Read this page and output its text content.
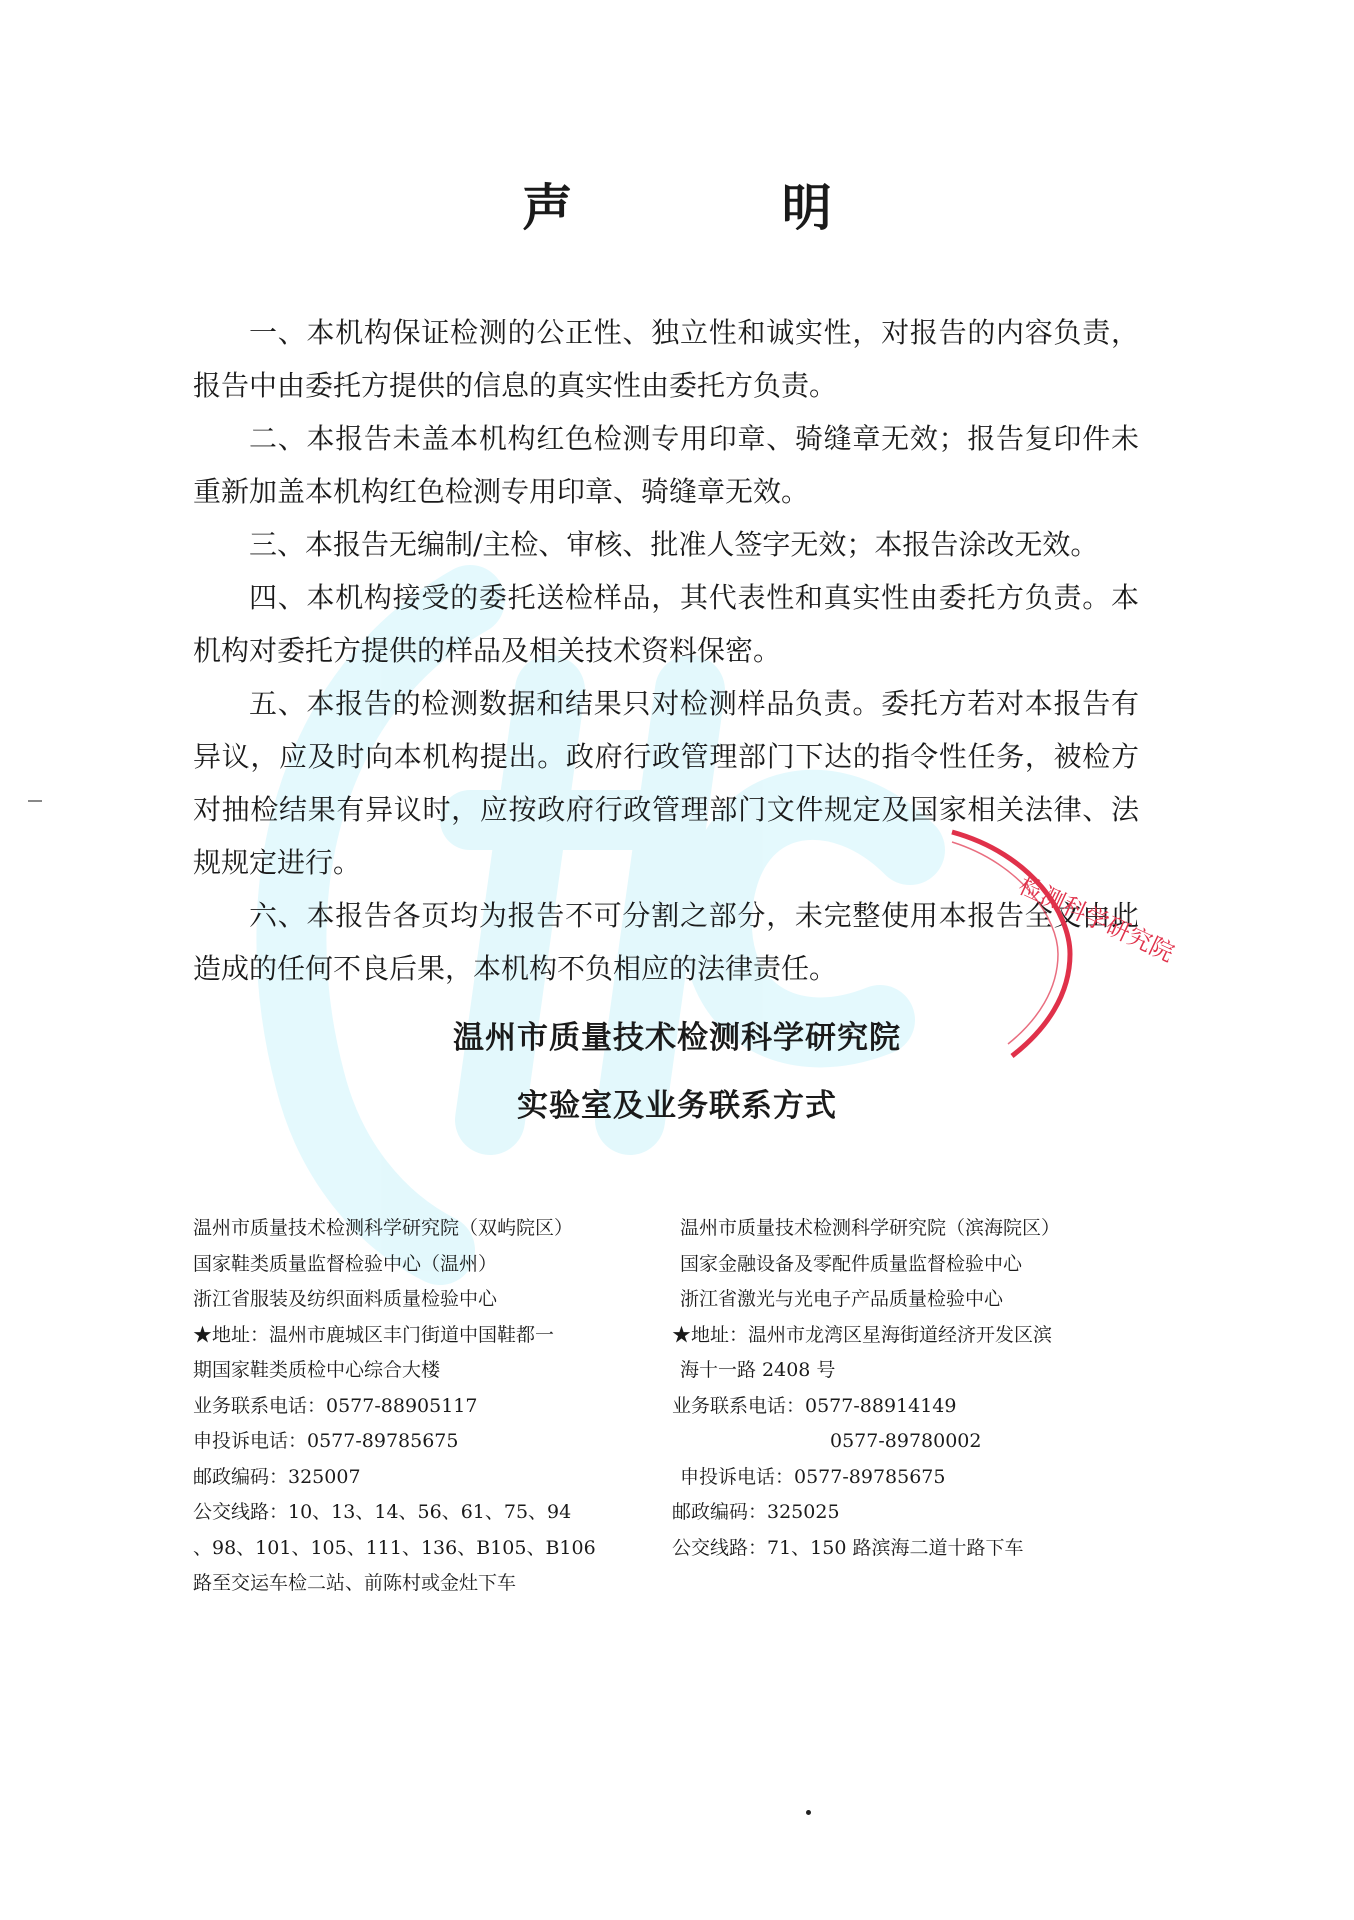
声 明

一、本机构保证检测的公正性、独立性和诚实性，对报告的内容负责，报告中由委托方提供的信息的真实性由委托方负责。

二、本报告未盖本机构红色检测专用印章、骑缝章无效；报告复印件未重新加盖本机构红色检测专用印章、骑缝章无效。

三、本报告无编制/主检、审核、批准人签字无效；本报告涂改无效。

四、本机构接受的委托送检样品，其代表性和真实性由委托方负责。本机构对委托方提供的样品及相关技术资料保密。

五、本报告的检测数据和结果只对检测样品负责。委托方若对本报告有异议，应及时向本机构提出。政府行政管理部门下达的指令性任务，被检方对抽检结果有异议时，应按政府行政管理部门文件规定及国家相关法律、法规规定进行。

六、本报告各页均为报告不可分割之部分，未完整使用本报告全文由此造成的任何不良后果，本机构不负相应的法律责任。

温州市质量技术检测科学研究院
实验室及业务联系方式
检测科学研究院
温州市质量技术检测科学研究院（双屿院区）
国家鞋类质量监督检验中心（温州）
浙江省服装及纺织面料质量检验中心
★地址：温州市鹿城区丰门街道中国鞋都一
期国家鞋类质检中心综合大楼
业务联系电话：0577-88905117
申投诉电话：0577-89785675
邮政编码：325007
公交线路：10、13、14、56、61、75、94
、98、101、105、111、136、B105、B106
路至交运车检二站、前陈村或金灶下车
温州市质量技术检测科学研究院（滨海院区）
国家金融设备及零配件质量监督检验中心
浙江省激光与光电子产品质量检验中心
★地址：温州市龙湾区星海街道经济开发区滨
海十一路 2408 号
业务联系电话：0577-88914149
0577-89780002
申投诉电话：0577-89785675
邮政编码：325025
公交线路：71、150 路滨海二道十路下车
